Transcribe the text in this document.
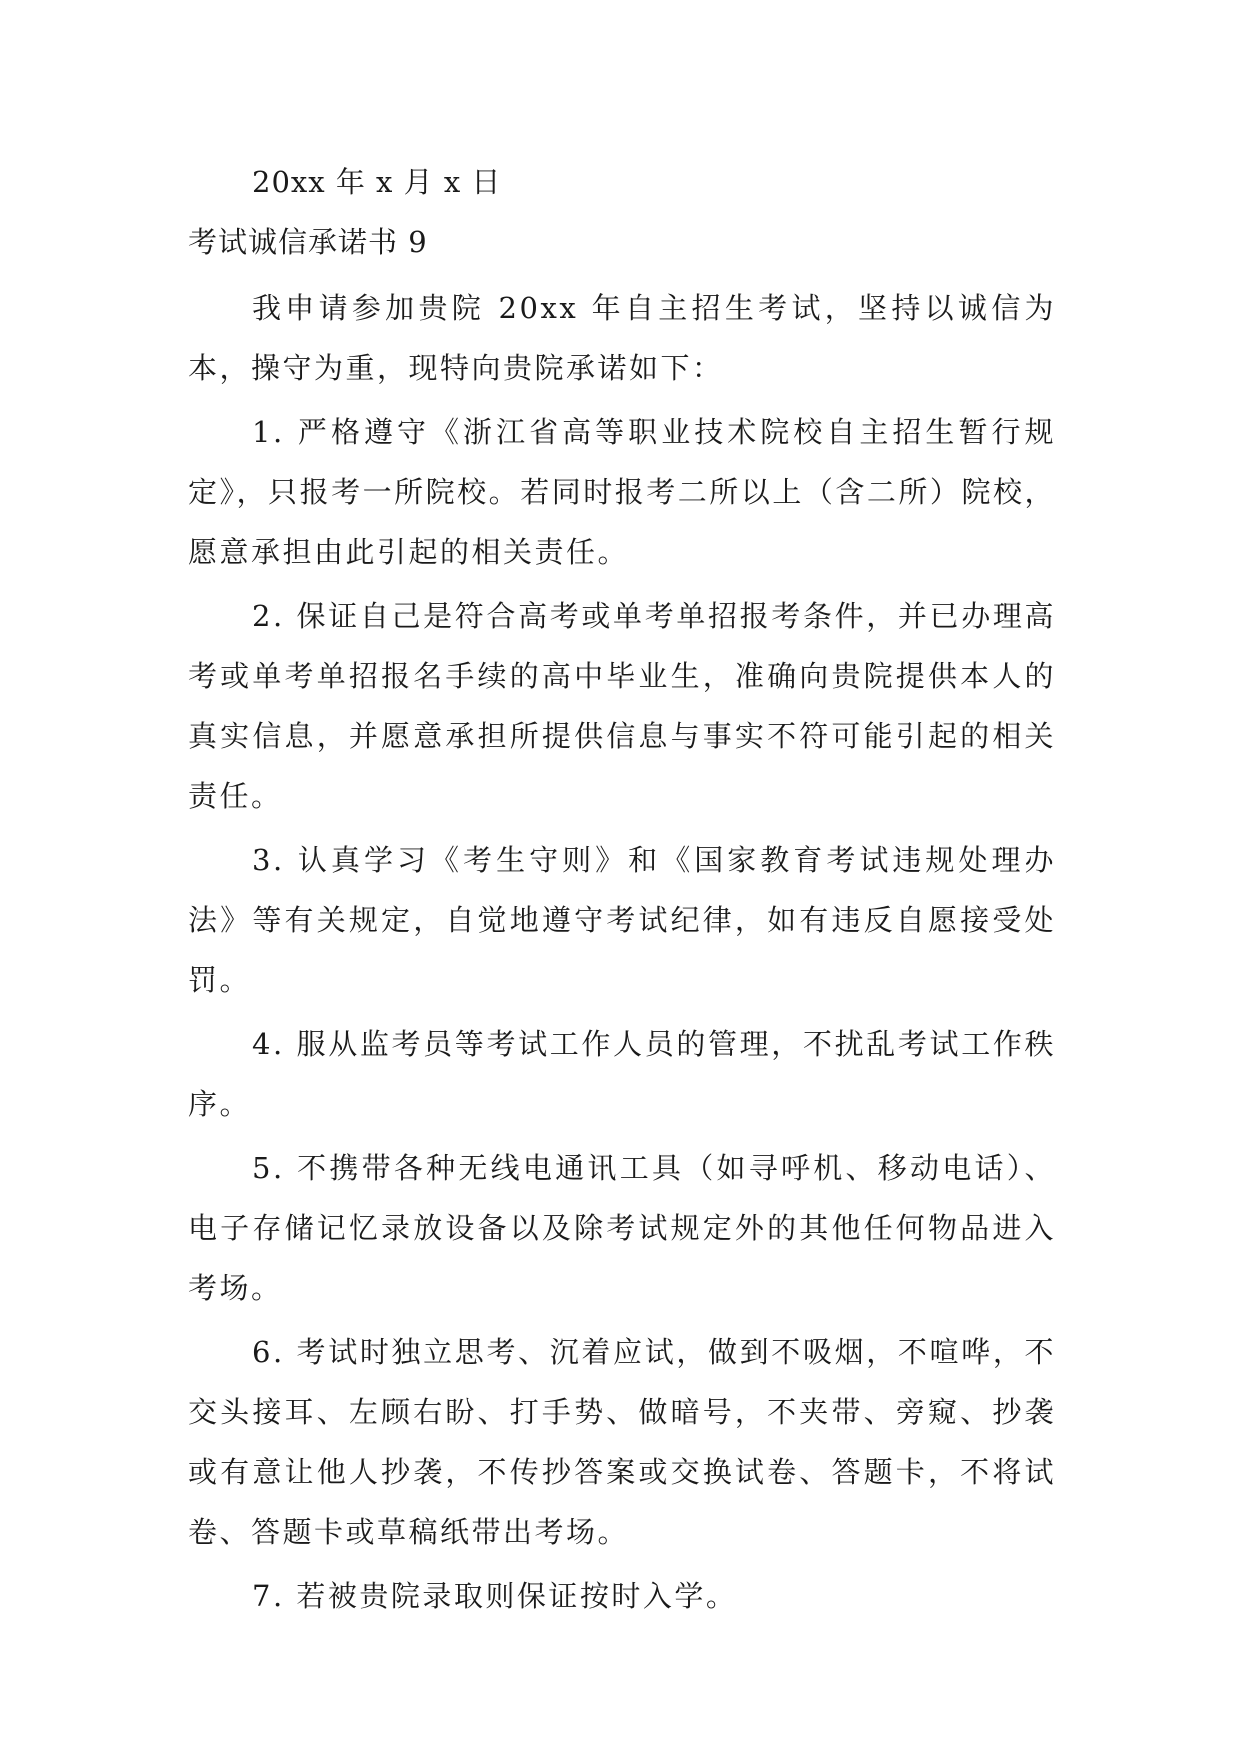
20xx 年 x 月 x 日
考试诚信承诺书 9

我申请参加贵院 20xx 年自主招生考试，坚持以诚信为本，操守为重，现特向贵院承诺如下：

1. 严格遵守《浙江省高等职业技术院校自主招生暂行规定》，只报考一所院校。若同时报考二所以上（含二所）院校，愿意承担由此引起的相关责任。

2. 保证自己是符合高考或单考单招报考条件，并已办理高考或单考单招报名手续的高中毕业生，准确向贵院提供本人的真实信息，并愿意承担所提供信息与事实不符可能引起的相关责任。

3. 认真学习《考生守则》和《国家教育考试违规处理办法》等有关规定，自觉地遵守考试纪律，如有违反自愿接受处罚。

4. 服从监考员等考试工作人员的管理，不扰乱考试工作秩序。

5. 不携带各种无线电通讯工具（如寻呼机、移动电话）、电子存储记忆录放设备以及除考试规定外的其他任何物品进入考场。

6. 考试时独立思考、沉着应试，做到不吸烟，不喧哗，不交头接耳、左顾右盼、打手势、做暗号，不夹带、旁窥、抄袭或有意让他人抄袭，不传抄答案或交换试卷、答题卡，不将试卷、答题卡或草稿纸带出考场。

7. 若被贵院录取则保证按时入学。
